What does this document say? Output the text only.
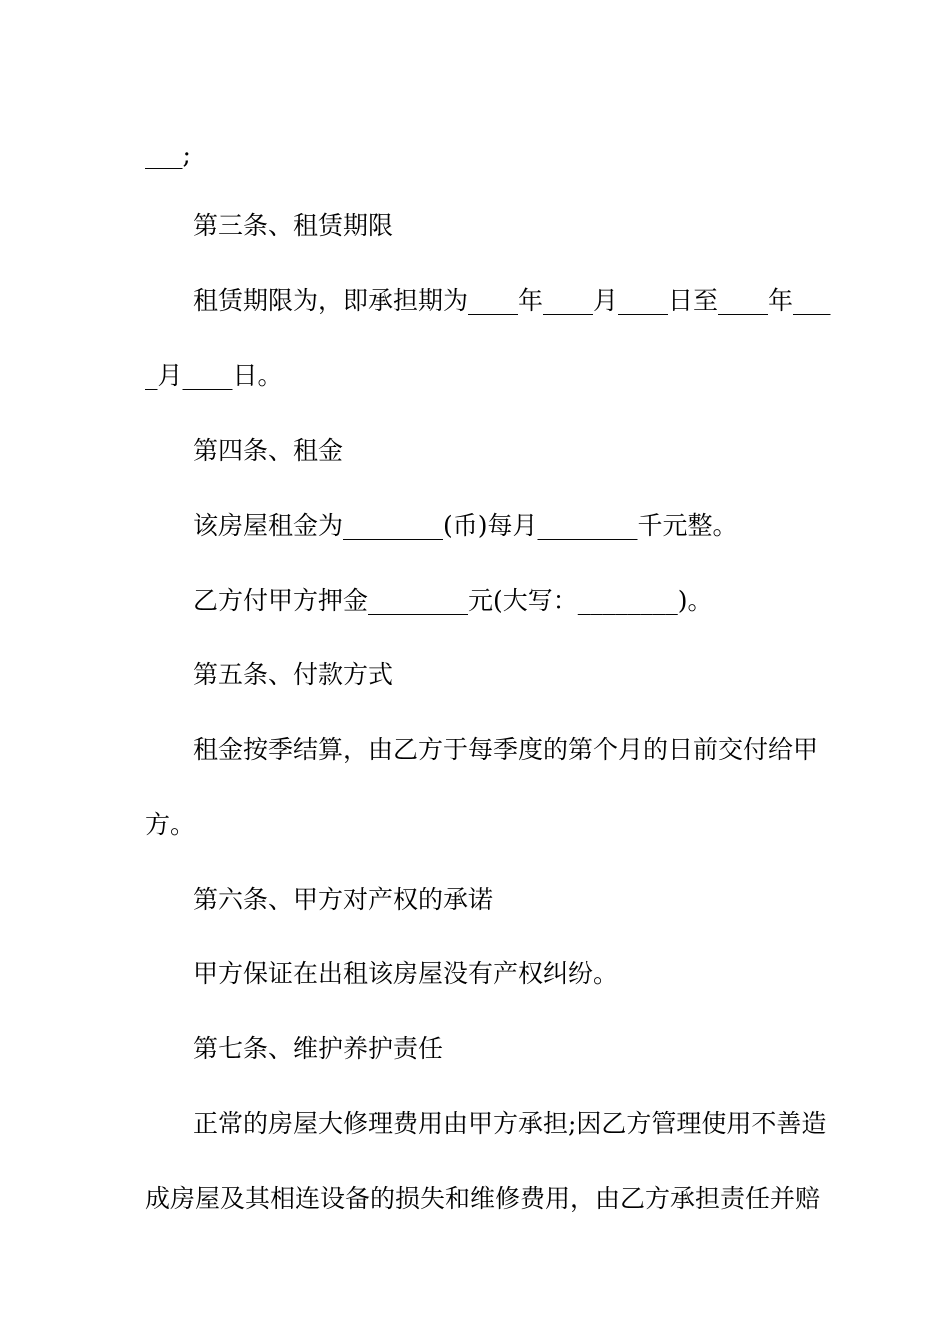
___;
第三条、租赁期限
租赁期限为，即承担期为____年____月____日至____年___
_月____日。
第四条、租金
该房屋租金为________(币)每月________千元整。
乙方付甲方押金________元(大写：________)。
第五条、付款方式
租金按季结算，由乙方于每季度的第个月的日前交付给甲
方。
第六条、甲方对产权的承诺
甲方保证在出租该房屋没有产权纠纷。
第七条、维护养护责任
正常的房屋大修理费用由甲方承担;因乙方管理使用不善造
成房屋及其相连设备的损失和维修费用，由乙方承担责任并赔
